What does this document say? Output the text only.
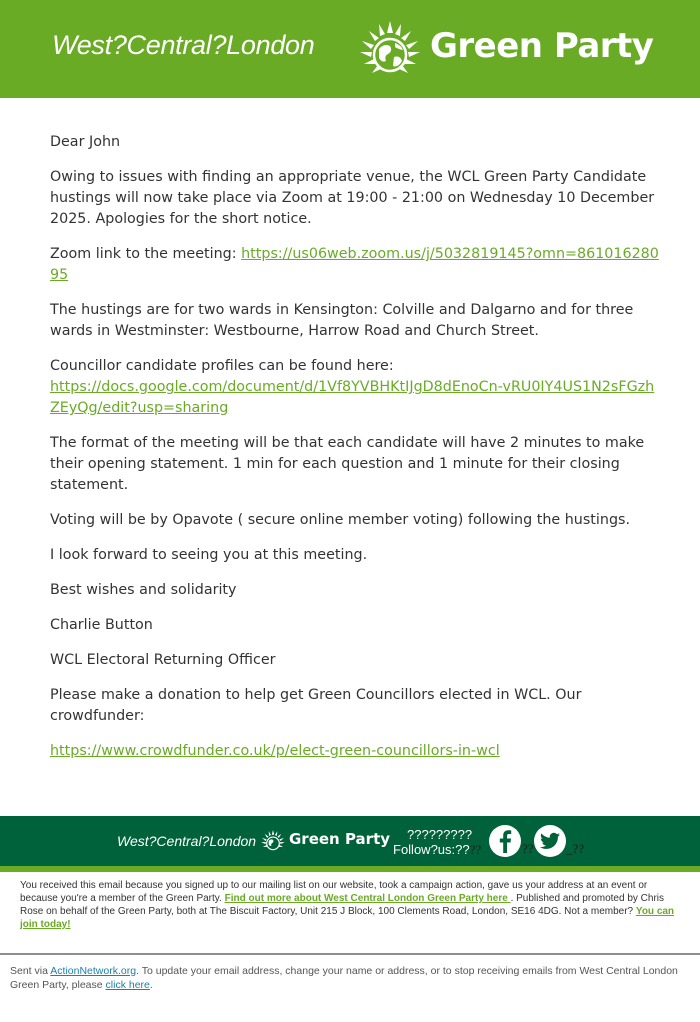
West?Central?London	Green Party

Dear John

Owing to issues with finding an appropriate venue, the WCL Green Party Candidate hustings will now take place via Zoom at 19:00 - 21:00 on Wednesday 10 December 2025. Apologies for the short notice.

Zoom link to the meeting: https://us06web.zoom.us/j/5032819145?omn=86101628095

The hustings are for two wards in Kensington: Colville and Dalgarno and for three wards in Westminster: Westbourne, Harrow Road and Church Street.

Councillor candidate profiles can be found here:
https://docs.google.com/document/d/1Vf8YVBHKtIJgD8dEnoCn-vRU0IY4US1N2sFGzhZEyQg/edit?usp=sharing

The format of the meeting will be that each candidate will have 2 minutes to make their opening statement. 1 min for each question and 1 minute for their closing statement.

Voting will be by Opavote ( secure online member voting) following the hustings.

I look forward to seeing you at this meeting.

Best wishes and solidarity

Charlie Button

WCL Electoral Returning Officer

Please make a donation to help get Green Councillors elected in WCL. Our crowdfunder:

https://www.crowdfunder.co.uk/p/elect-green-councillors-in-wcl

West?Central?London Green Party	?????????
Follow?us:????	?? _??
You received this email because you signed up to our mailing list on our website, took a campaign action, gave us your address at an event or because you're a member of the Green Party. Find out more about West Central London Green Party here . Published and promoted by Chris Rose on behalf of the Green Party, both at The Biscuit Factory, Unit 215 J Block, 100 Clements Road, London, SE16 4DG. Not a member? You can join today!
Sent via ActionNetwork.org. To update your email address, change your name or address, or to stop receiving emails from West Central London Green Party, please click here.
